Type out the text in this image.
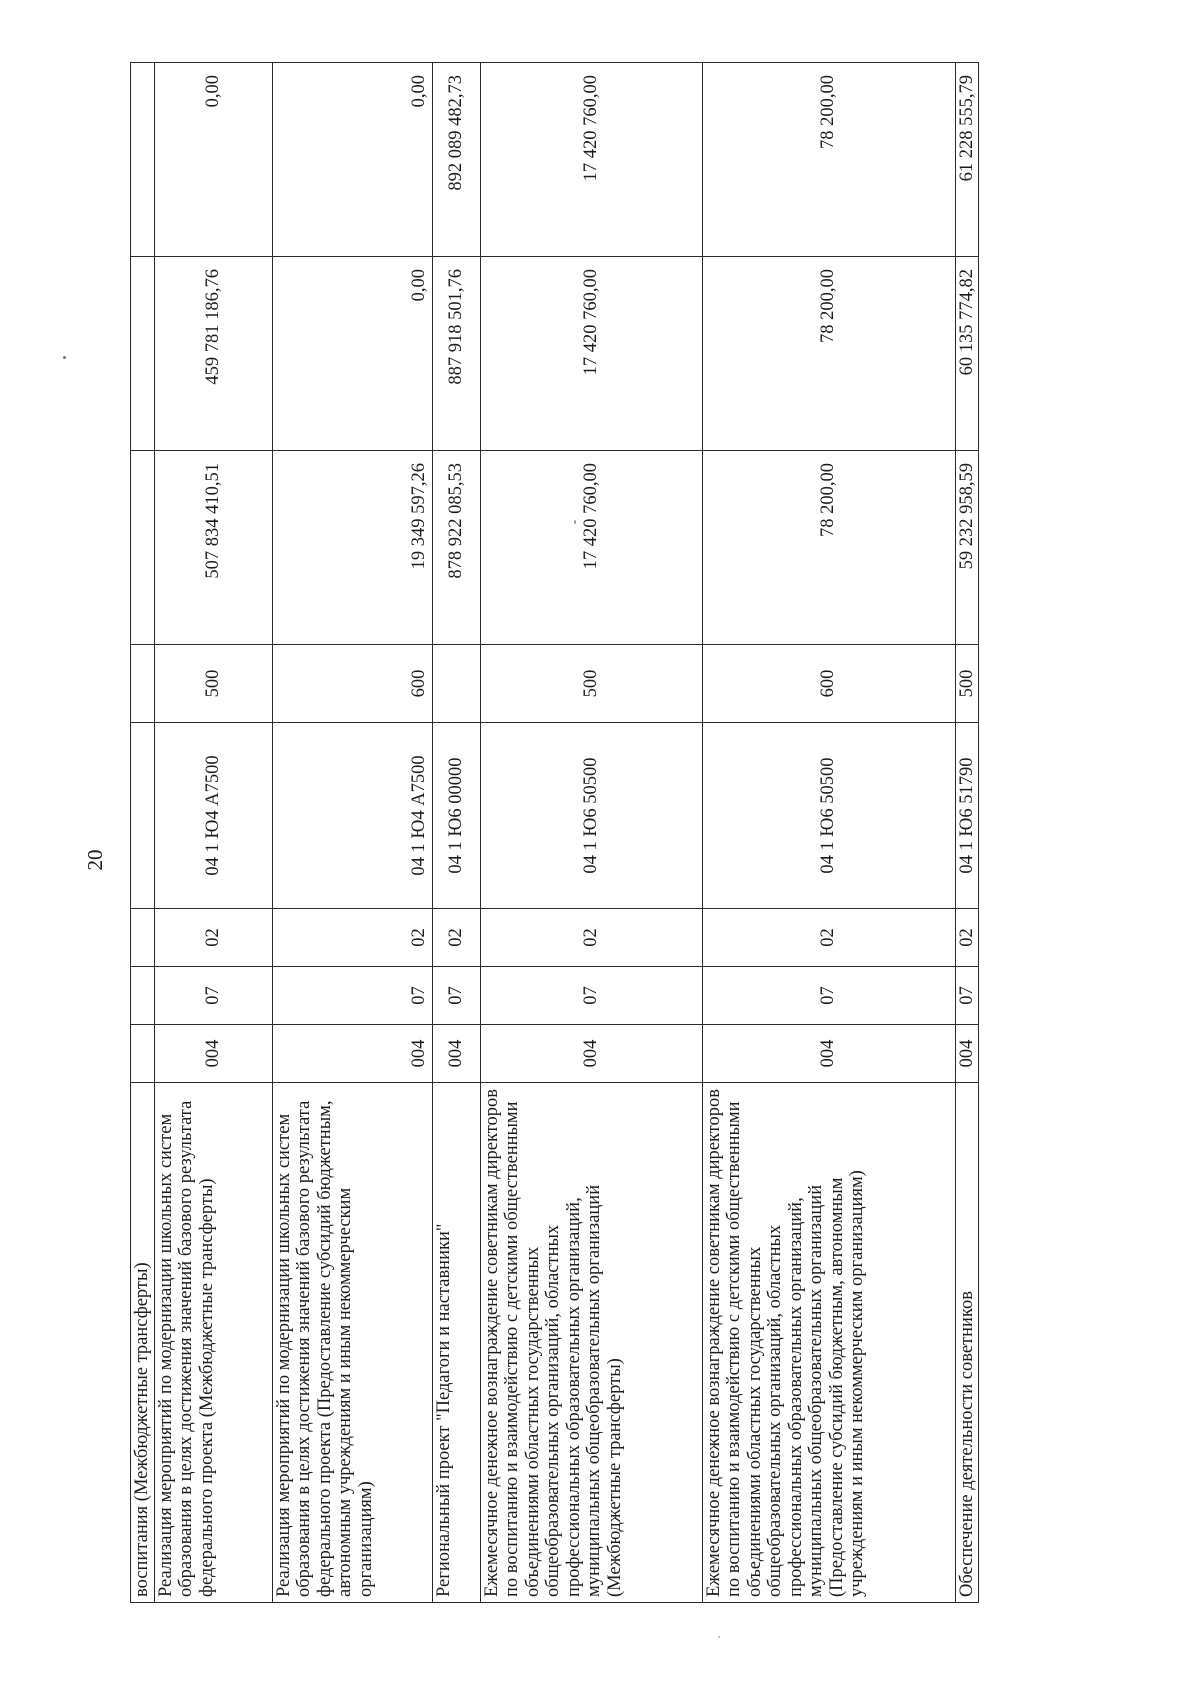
20
воспитания (Межбюджетные трансферты)								
Реализация мероприятий по модернизации школьных систем образования в целях достижения значений базового результата федерального проекта (Межбюджетные трансферты)	004	07	02	04 1 Ю4 А7500	500	507 834 410,51	459 781 186,76	0,00
Реализация мероприятий по модернизации школьных систем образования в целях достижения значений базового результата федерального проекта (Предоставление субсидий бюджетным, автономным учреждениям и иным некоммерческим организациям)	004	07	02	04 1 Ю4 А7500	600	19 349 597,26	0,00	0,00
Региональный проект "Педагоги и наставники"	004	07	02	04 1 Ю6 00000		878 922 085,53	887 918 501,76	892 089 482,73
Ежемесячное денежное вознаграждение советникам директоров по воспитанию и взаимодействию с детскими общественными объединениями областных государственных общеобразовательных организаций, областных профессиональных образовательных организаций, муниципальных общеобразовательных организаций (Межбюджетные трансферты)	004	07	02	04 1 Ю6 50500	500	17 420 760,00	17 420 760,00	17 420 760,00
Ежемесячное денежное вознаграждение советникам директоров по воспитанию и взаимодействию с детскими общественными объединениями областных государственных общеобразовательных организаций, областных профессиональных образовательных организаций, муниципальных общеобразовательных организаций (Предоставление субсидий бюджетным, автономным учреждениям и иным некоммерческим организациям)	004	07	02	04 1 Ю6 50500	600	78 200,00	78 200,00	78 200,00
Обеспечение деятельности советников	004	07	02	04 1 Ю6 51790	500	59 232 958,59	60 135 774,82	61 228 555,79
